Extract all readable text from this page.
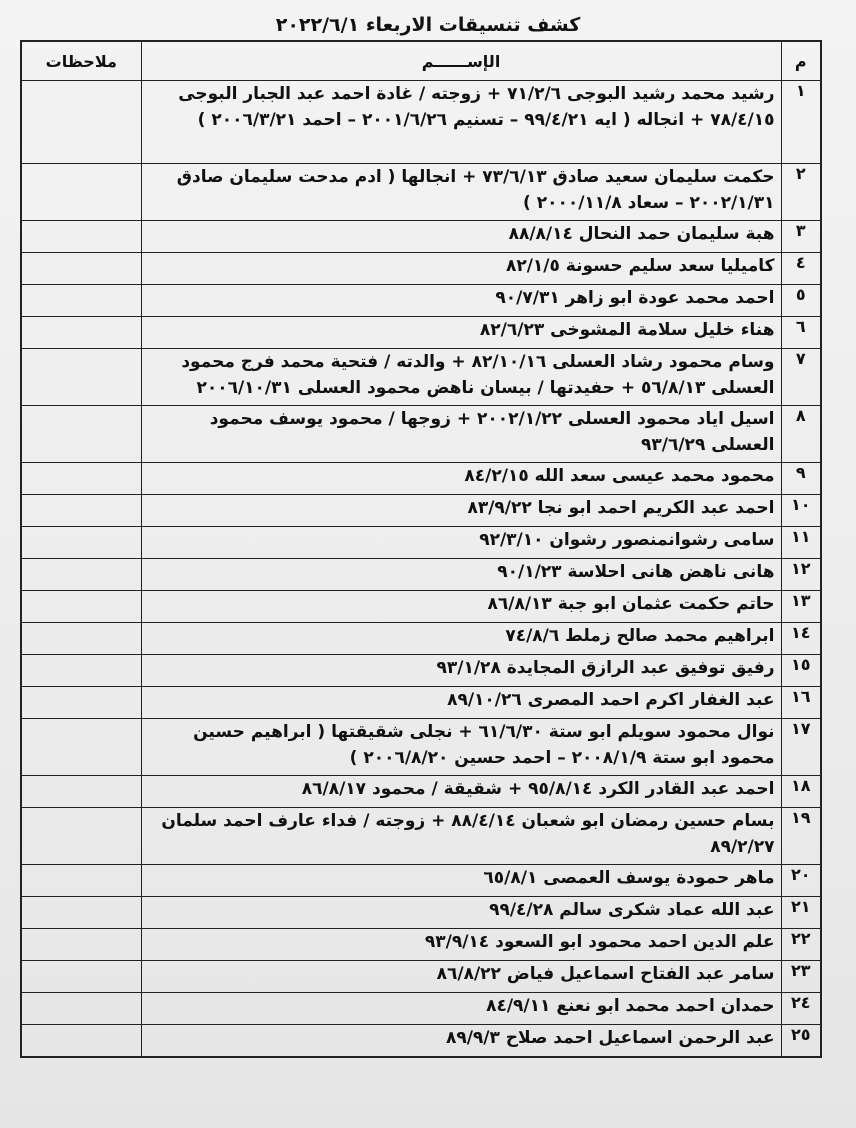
كشف تنسيقات الاربعاء ٢٠٢٢/٦/١
م	الإســــــم	ملاحظات
١	رشيد محمد رشيد البوجى ٧١/٢/٦ + زوجته / غادة احمد عبد الجبار البوجى ٧٨/٤/١٥ + انجاله ( ايه ٩٩/٤/٢١ – تسنيم ٢٠٠١/٦/٢٦ – احمد ٢٠٠٦/٣/٢١ )	
٢	حكمت سليمان سعيد صادق ٧٣/٦/١٣ + انجالها ( ادم مدحت سليمان صادق ٢٠٠٢/١/٣١ – سعاد ٢٠٠٠/١١/٨ )	
٣	هبة سليمان حمد النحال ٨٨/٨/١٤	
٤	كاميليا سعد سليم حسونة ٨٢/١/٥	
٥	احمد محمد عودة ابو زاهر ٩٠/٧/٣١	
٦	هناء خليل سلامة المشوخى ٨٢/٦/٢٣	
٧	وسام محمود رشاد العسلى ٨٢/١٠/١٦ + والدته / فتحية محمد فرج محمود العسلى ٥٦/٨/١٣ + حفيدتها / بيسان ناهض محمود العسلى ٢٠٠٦/١٠/٣١	
٨	اسيل اياد محمود العسلى ٢٠٠٢/١/٢٢ + زوجها / محمود يوسف محمود العسلى ٩٣/٦/٢٩	
٩	محمود محمد عيسى سعد الله ٨٤/٢/١٥	
١٠	احمد عبد الكريم احمد ابو نجا ٨٣/٩/٢٢	
١١	سامى رشوانمنصور رشوان ٩٢/٣/١٠	
١٢	هانى ناهض هانى احلاسة ٩٠/١/٢٣	
١٣	حاتم حكمت عثمان ابو جبة ٨٦/٨/١٣	
١٤	ابراهيم محمد صالح زملط ٧٤/٨/٦	
١٥	رفيق توفيق عبد الرازق المجايدة ٩٣/١/٢٨	
١٦	عبد الغفار اكرم احمد المصرى ٨٩/١٠/٢٦	
١٧	نوال محمود سويلم ابو ستة ٦١/٦/٣٠ + نجلى شقيقتها ( ابراهيم حسين محمود ابو ستة ٢٠٠٨/١/٩ – احمد حسين ٢٠٠٦/٨/٢٠ )	
١٨	احمد عبد القادر الكرد ٩٥/٨/١٤ + شقيقة / محمود ٨٦/٨/١٧	
١٩	بسام حسين رمضان ابو شعبان ٨٨/٤/١٤ + زوجته / فداء عارف احمد سلمان ٨٩/٢/٢٧	
٢٠	ماهر حمودة يوسف العمصى ٦٥/٨/١	
٢١	عبد الله عماد شكرى سالم ٩٩/٤/٢٨	
٢٢	علم الدين احمد محمود ابو السعود ٩٣/٩/١٤	
٢٣	سامر عبد الفتاح اسماعيل فياض ٨٦/٨/٢٢	
٢٤	حمدان احمد محمد ابو نعنع ٨٤/٩/١١	
٢٥	عبد الرحمن اسماعيل احمد صلاح ٨٩/٩/٣	
